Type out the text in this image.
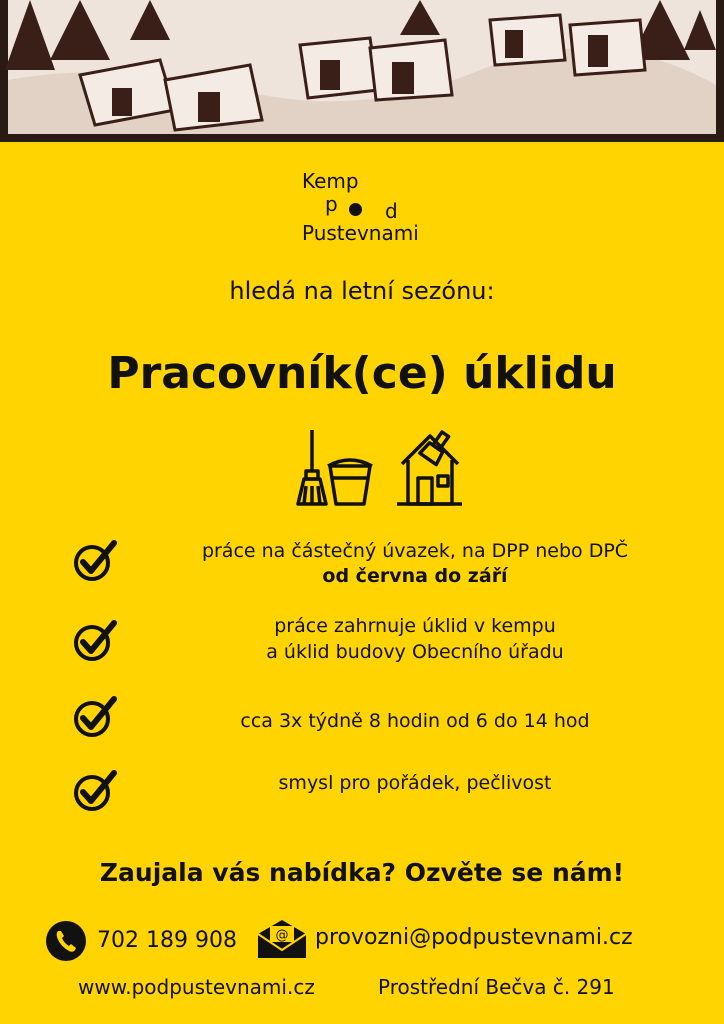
Kemp
p d
Pustevnami
hledá na letní sezónu:
Pracovník(ce) úklidu
práce na částečný úvazek, na DPP nebo DPČ
od června do září
práce zahrnuje úklid v kempu
a úklid budovy Obecního úřadu
cca 3x týdně 8 hodin od 6 do 14 hod
smysl pro pořádek, pečlivost
Zaujala vás nabídka? Ozvěte se nám!
702 189 908	@ provozni@podpustevnami.cz
www.podpustevnami.cz	Prostřední Bečva č. 291
